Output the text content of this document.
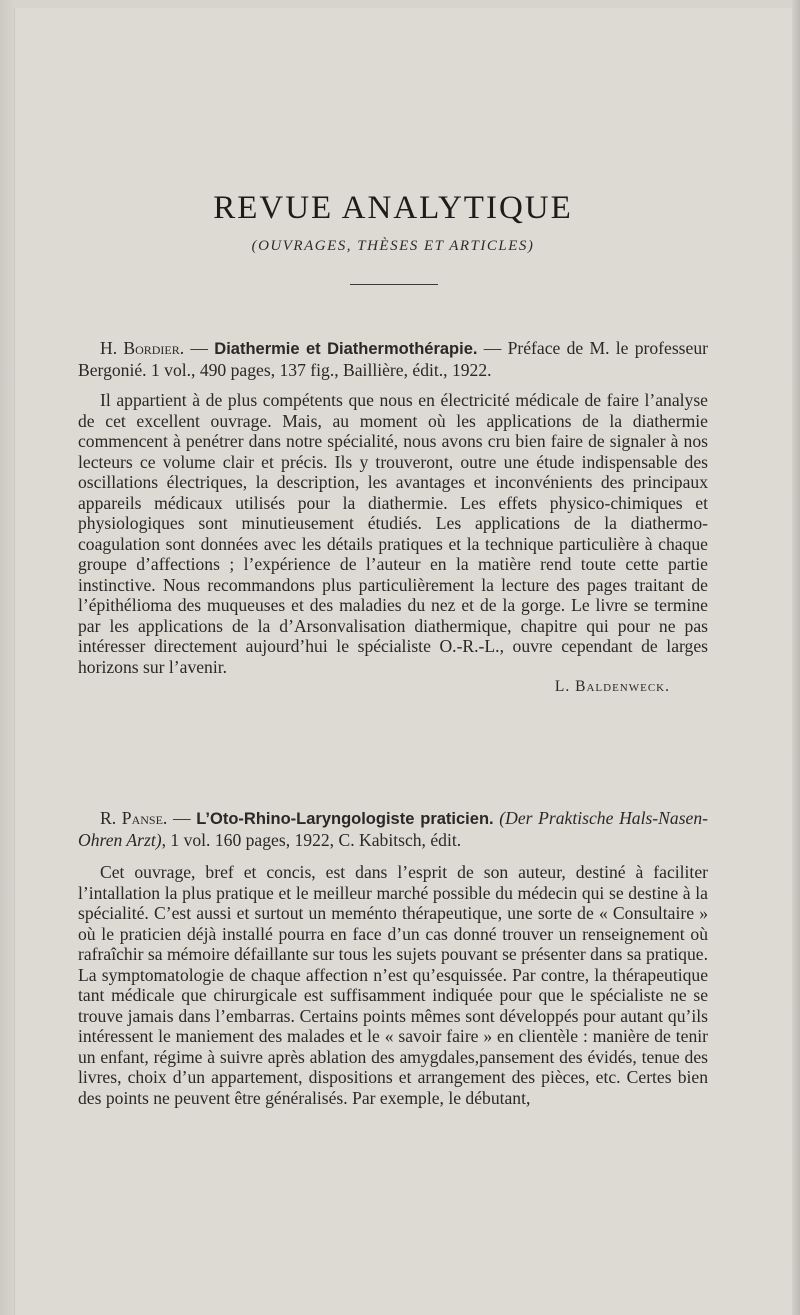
REVUE ANALYTIQUE
(OUVRAGES, THÈSES ET ARTICLES)

H. Bordier. — Diathermie et Diathermothérapie. — Préface de M. le professeur Bergonié. 1 vol., 490 pages, 137 fig., Baillière, édit., 1922.

Il appartient à de plus compétents que nous en électricité médicale de faire l’analyse de cet excellent ouvrage. Mais, au moment où les applications de la diathermie commencent à penétrer dans notre spécialité, nous avons cru bien faire de signaler à nos lecteurs ce volume clair et précis. Ils y trouveront, outre une étude indispensable des oscillations électriques, la description, les avantages et inconvénients des principaux appareils médicaux utilisés pour la diathermie. Les effets physico-chimiques et physiologiques sont minutieusement étudiés. Les applications de la diathermo-coagulation sont données avec les détails pratiques et la technique particulière à chaque groupe d’affections ; l’expérience de l’auteur en la matière rend toute cette partie instinctive. Nous recommandons plus particulièrement la lecture des pages traitant de l’épithélioma des muqueuses et des maladies du nez et de la gorge. Le livre se termine par les applications de la d’Arsonvalisation diathermique, chapitre qui pour ne pas intéresser directement aujourd’hui le spécialiste O.-R.-L., ouvre cependant de larges horizons sur l’avenir.

L. Baldenweck.

R. Panse. — L’Oto-Rhino-Laryngologiste praticien. (Der Praktische Hals-Nasen-Ohren Arzt), 1 vol. 160 pages, 1922, C. Kabitsch, édit.

Cet ouvrage, bref et concis, est dans l’esprit de son auteur, destiné à faciliter l’intallation la plus pratique et le meilleur marché possible du médecin qui se destine à la spécialité. C’est aussi et surtout un meménto thérapeutique, une sorte de « Consultaire » où le praticien déjà installé pourra en face d’un cas donné trouver un renseignement où rafraîchir sa mémoire défaillante sur tous les sujets pouvant se présenter dans sa pratique. La symptomatologie de chaque affection n’est qu’esquissée. Par contre, la thérapeutique tant médicale que chirurgicale est suffisamment indiquée pour que le spécialiste ne se trouve jamais dans l’embarras. Certains points mêmes sont développés pour autant qu’ils intéressent le maniement des malades et le « savoir faire » en clientèle : manière de tenir un enfant, régime à suivre après ablation des amygdales,pansement des évidés, tenue des livres, choix d’un appartement, dispositions et arrangement des pièces, etc. Certes bien des points ne peuvent être généralisés. Par exemple, le débutant,
